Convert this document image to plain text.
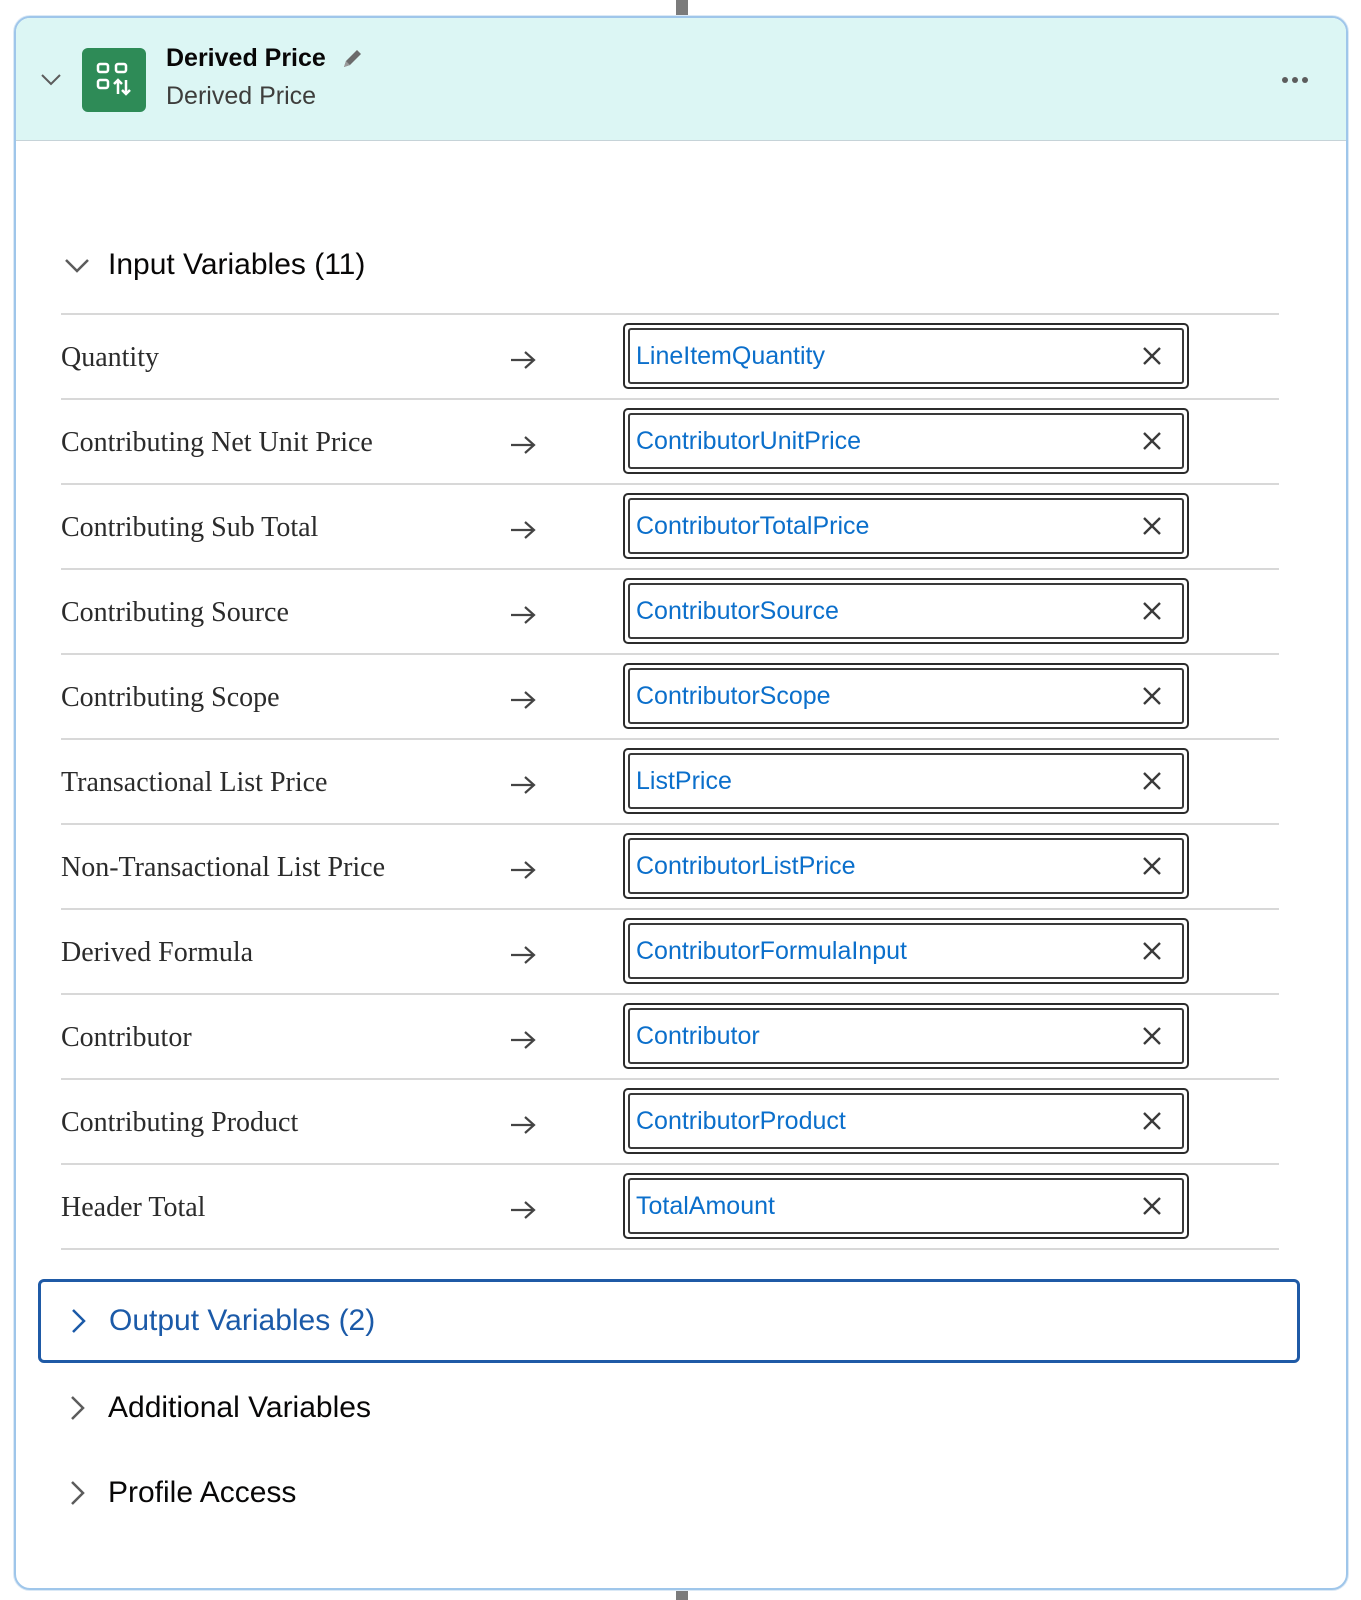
Derived Price
Derived Price
Input Variables (11)
Quantity	LineItemQuantity
Contributing Net Unit Price	ContributorUnitPrice
Contributing Sub Total	ContributorTotalPrice
Contributing Source	ContributorSource
Contributing Scope	ContributorScope
Transactional List Price	ListPrice
Non-Transactional List Price	ContributorListPrice
Derived Formula	ContributorFormulaInput
Contributor	Contributor
Contributing Product	ContributorProduct
Header Total	TotalAmount
Output Variables (2)
Additional Variables
Profile Access
